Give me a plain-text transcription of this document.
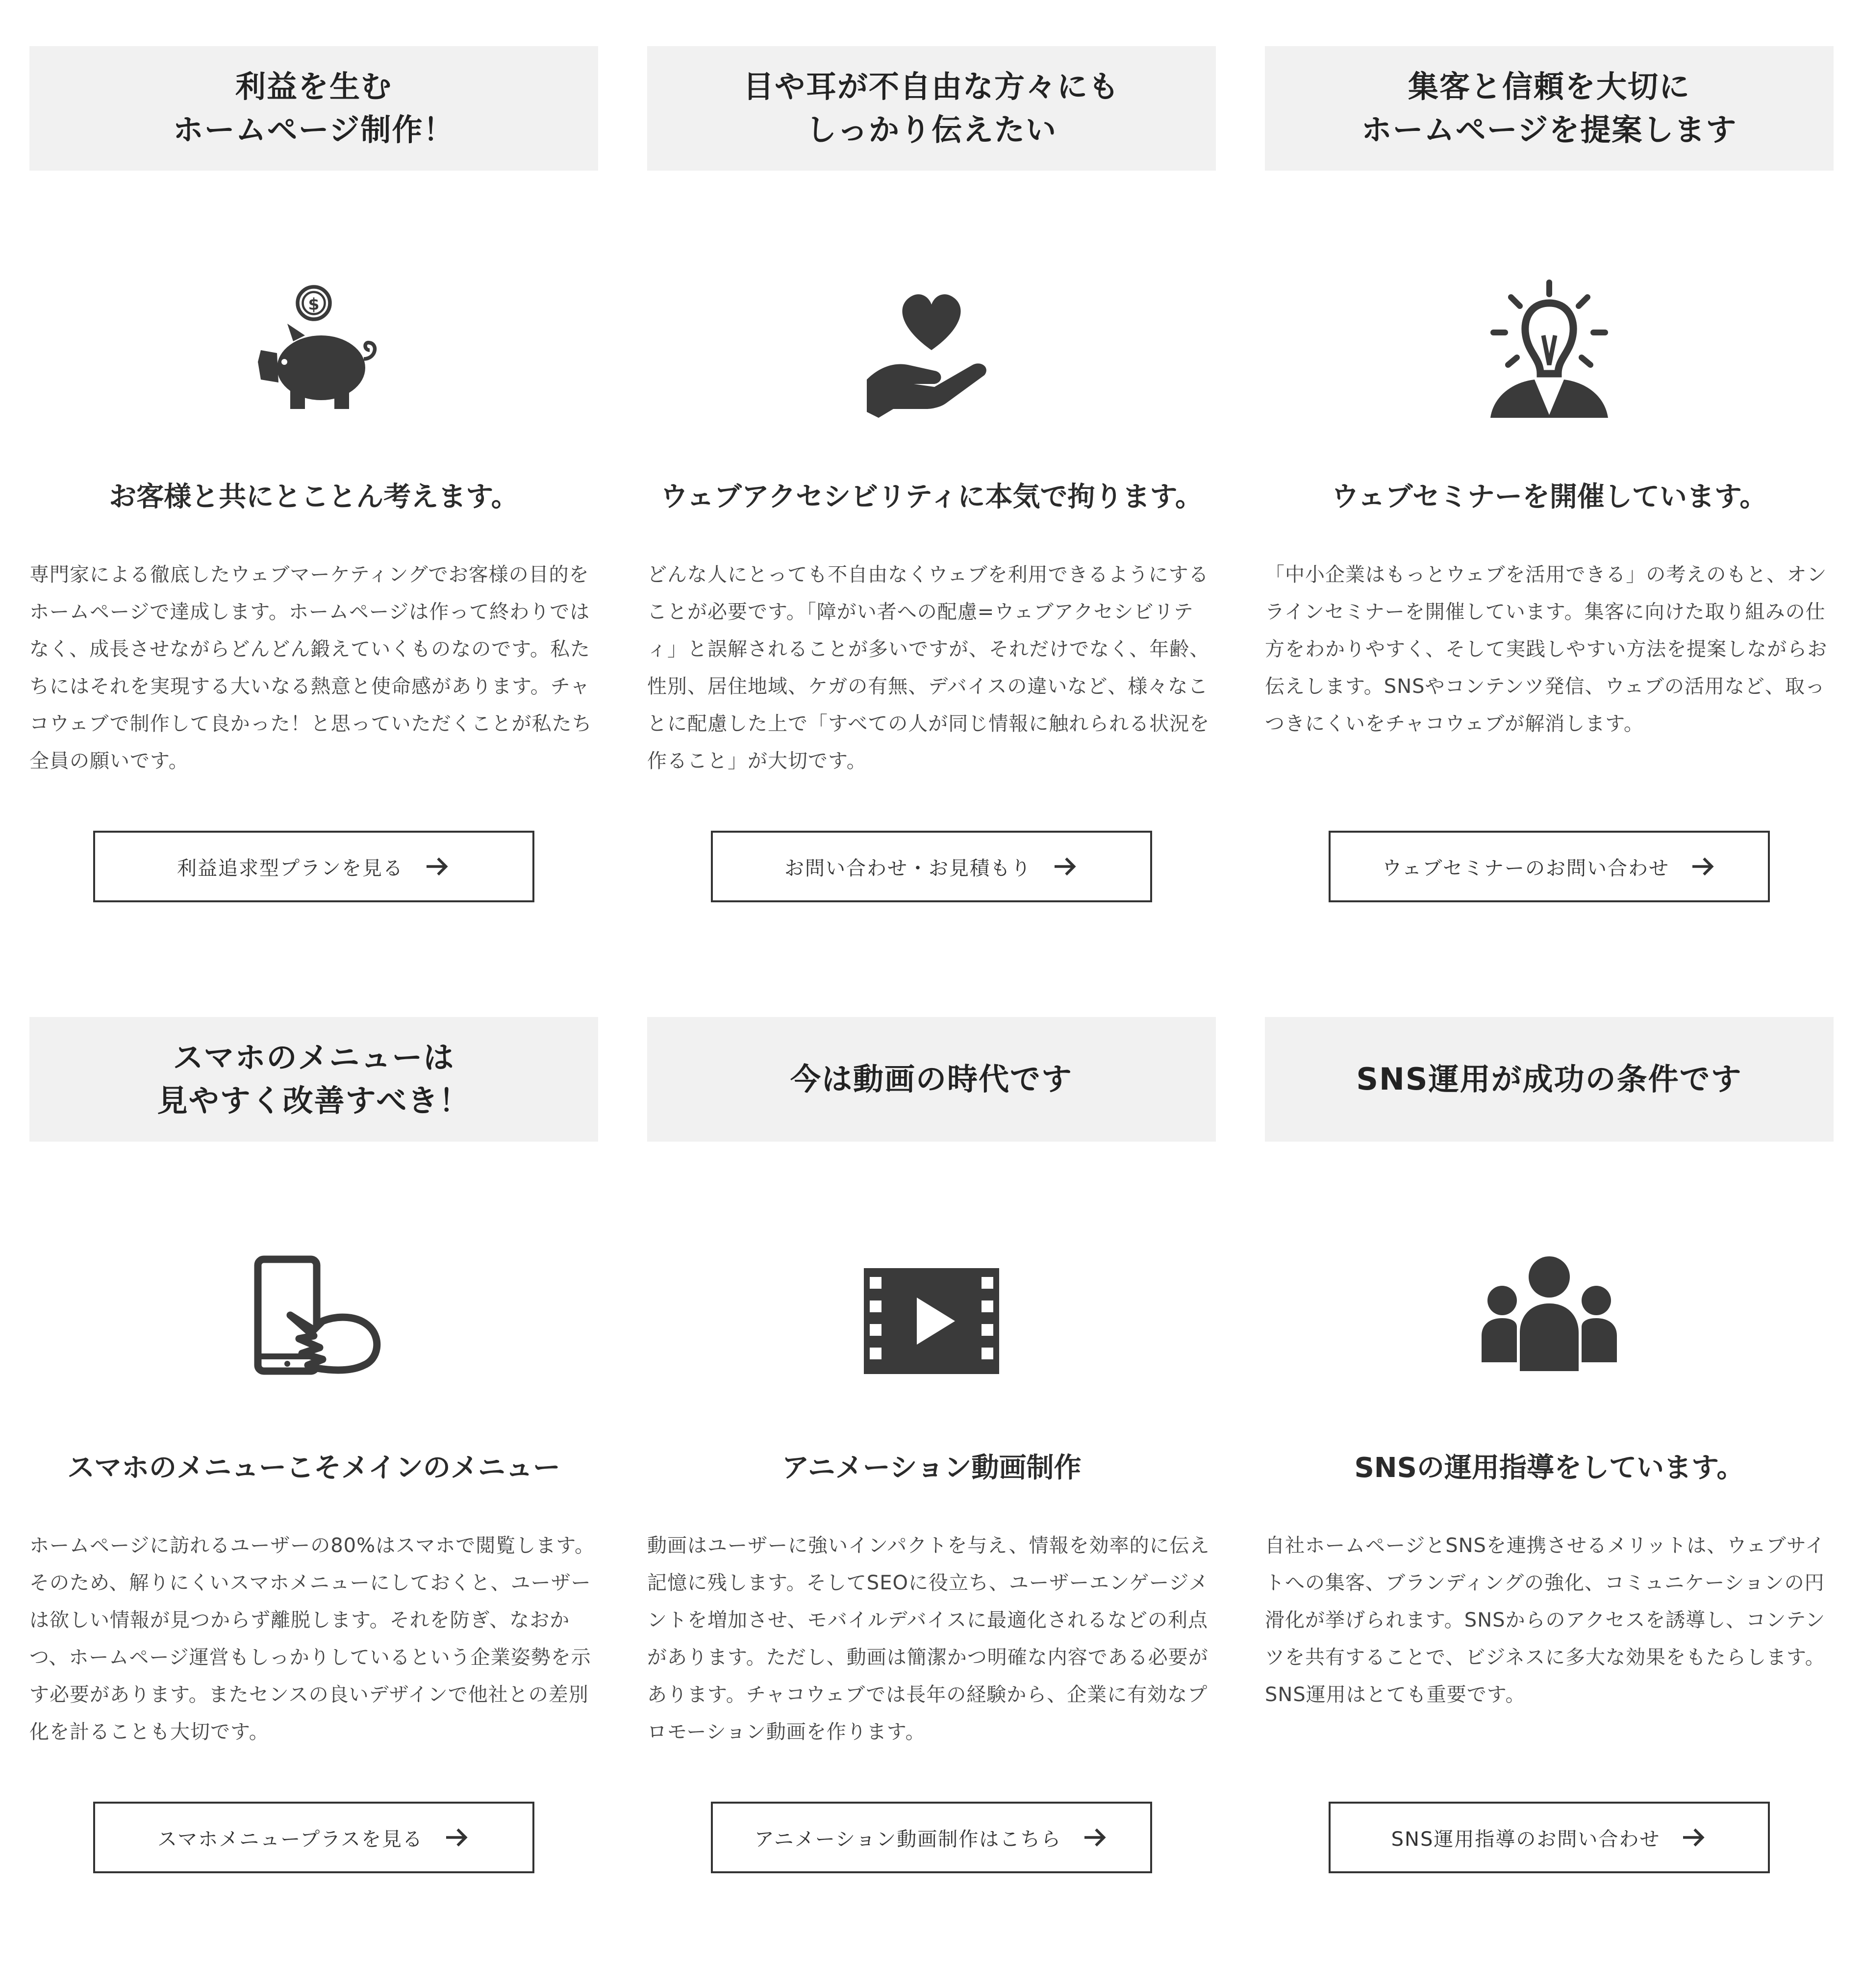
利益を生む
ホームページ制作！
$
お客様と共にとことん考えます。

専門家による徹底したウェブマーケティングでお客様の目的をホームページで達成します。ホームページは作って終わりではなく、成長させながらどんどん鍛えていくものなのです。私たちにはそれを実現する大いなる熱意と使命感があります。チャコウェブで制作して良かった！と思っていただくことが私たち全員の願いです。

利益追求型プランを見る
目や耳が不自由な方々にも
しっかり伝えたい
ウェブアクセシビリティに本気で拘ります。

どんな人にとっても不自由なくウェブを利用できるようにすることが必要です。「障がい者への配慮=ウェブアクセシビリティ」と誤解されることが多いですが、それだけでなく、年齢、性別、居住地域、ケガの有無、デバイスの違いなど、様々なことに配慮した上で「すべての人が同じ情報に触れられる状況を作ること」が大切です。

お問い合わせ・お見積もり
集客と信頼を大切に
ホームページを提案します
ウェブセミナーを開催しています。

「中小企業はもっとウェブを活用できる」の考えのもと、オンラインセミナーを開催しています。集客に向けた取り組みの仕方をわかりやすく、そして実践しやすい方法を提案しながらお伝えします。SNSやコンテンツ発信、ウェブの活用など、取っつきにくいをチャコウェブが解消します。

ウェブセミナーのお問い合わせ
スマホのメニューは
見やすく改善すべき！
スマホのメニューこそメインのメニュー

ホームページに訪れるユーザーの80%はスマホで閲覧します。そのため、解りにくいスマホメニューにしておくと、ユーザーは欲しい情報が見つからず離脱します。それを防ぎ、なおかつ、ホームページ運営もしっかりしているという企業姿勢を示す必要があります。またセンスの良いデザインで他社との差別化を計ることも大切です。

スマホメニュープラスを見る
今は動画の時代です
アニメーション動画制作

動画はユーザーに強いインパクトを与え、情報を効率的に伝え記憶に残します。そしてSEOに役立ち、ユーザーエンゲージメントを増加させ、モバイルデバイスに最適化されるなどの利点があります。ただし、動画は簡潔かつ明確な内容である必要があります。チャコウェブでは長年の経験から、企業に有効なプロモーション動画を作ります。

アニメーション動画制作はこちら
SNS運用が成功の条件です
SNSの運用指導をしています。

自社ホームページとSNSを連携させるメリットは、ウェブサイトへの集客、ブランディングの強化、コミュニケーションの円滑化が挙げられます。SNSからのアクセスを誘導し、コンテンツを共有することで、ビジネスに多大な効果をもたらします。SNS運用はとても重要です。

SNS運用指導のお問い合わせ
